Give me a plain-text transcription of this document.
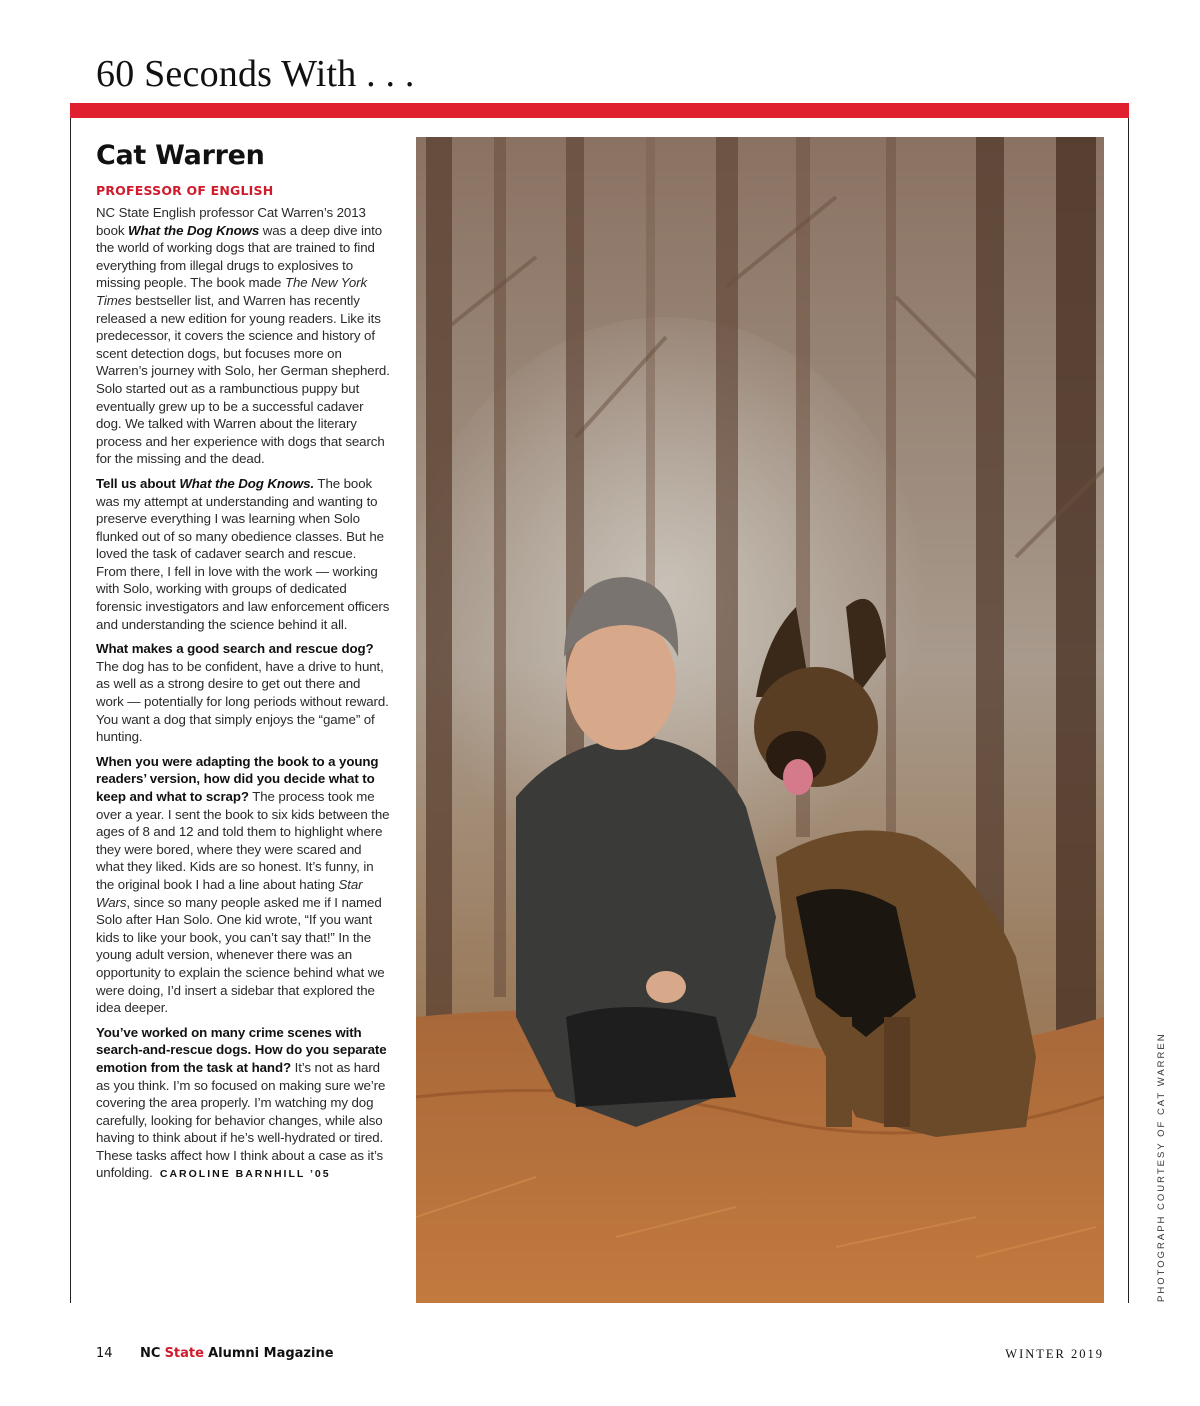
60 Seconds With . . .
Cat Warren
PROFESSOR OF ENGLISH

NC State English professor Cat Warren’s 2013 book What the Dog Knows was a deep dive into the world of working dogs that are trained to find everything from illegal drugs to explosives to missing people. The book made The New York Times bestseller list, and Warren has recently released a new edition for young readers. Like its predecessor, it covers the science and history of scent detection dogs, but focuses more on Warren’s journey with Solo, her German shepherd. Solo started out as a rambunctious puppy but eventually grew up to be a successful cadaver dog. We talked with Warren about the literary process and her experience with dogs that search for the missing and the dead.

Tell us about What the Dog Knows. The book was my attempt at understanding and wanting to preserve everything I was learning when Solo flunked out of so many obedience classes. But he loved the task of cadaver search and rescue. From there, I fell in love with the work — working with Solo, working with groups of dedicated forensic investigators and law enforcement officers and understanding the science behind it all.

What makes a good search and rescue dog? The dog has to be confident, have a drive to hunt, as well as a strong desire to get out there and work — potentially for long periods without reward. You want a dog that simply enjoys the “game” of hunting.

When you were adapting the book to a young readers’ version, how did you decide what to keep and what to scrap? The process took me over a year. I sent the book to six kids between the ages of 8 and 12 and told them to highlight where they were bored, where they were scared and what they liked. Kids are so honest. It’s funny, in the original book I had a line about hating Star Wars, since so many people asked me if I named Solo after Han Solo. One kid wrote, “If you want kids to like your book, you can’t say that!” In the young adult version, whenever there was an opportunity to explain the science behind what we were doing, I’d insert a sidebar that explored the idea deeper.

You’ve worked on many crime scenes with search-and-rescue dogs. How do you separate emotion from the task at hand? It’s not as hard as you think. I’m so focused on making sure we’re covering the area properly. I’m watching my dog carefully, looking for behavior changes, while also having to think about if he’s well-hydrated or tired. These tasks affect how I think about a case as it’s unfolding. CAROLINE BARNHILL ’05	PHOTOGRAPH COURTESY OF CAT WARREN
14 NC State Alumni Magazine	WINTER 2019
